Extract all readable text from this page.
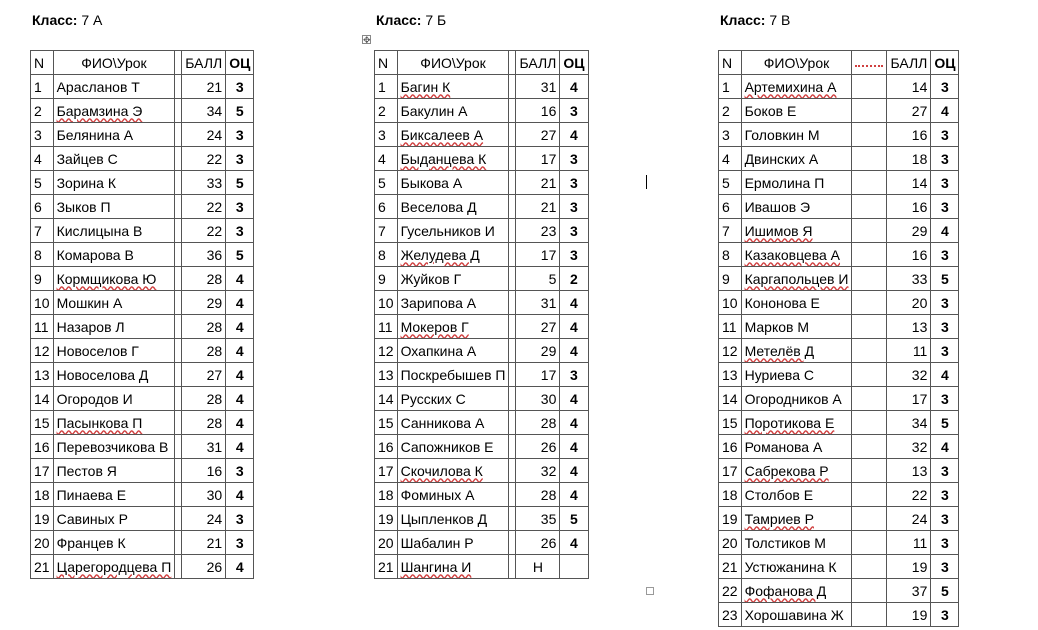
Класс: 7 А
N	ФИО\Урок		БАЛЛ	ОЦ
1	Арасланов Т		21	3
2	Барамзина Э		34	5
3	Белянина А		24	3
4	Зайцев С		22	3
5	Зорина К		33	5
6	Зыков П		22	3
7	Кислицына В		22	3
8	Комарова В		36	5
9	Кормщикова Ю		28	4
10	Мошкин А		29	4
11	Назаров Л		28	4
12	Новоселов Г		28	4
13	Новоселова Д		27	4
14	Огородов И		28	4
15	Пасынкова П		28	4
16	Перевозчикова В		31	4
17	Пестов Я		16	3
18	Пинаева Е		30	4
19	Савиных Р		24	3
20	Францев К		21	3
21	Царегородцева П		26	4
Класс: 7 Б
✥
N	ФИО\Урок		БАЛЛ	ОЦ
1	Багин К		31	4
2	Бакулин А		16	3
3	Биксалеев А		27	4
4	Быданцева К		17	3
5	Быкова А		21	3
6	Веселова Д		21	3
7	Гусельников И		23	3
8	Желудева Д		17	3
9	Жуйков Г		5	2
10	Зарипова А		31	4
11	Мокеров Г		27	4
12	Охапкина А		29	4
13	Поскребышев П		17	3
14	Русских С		30	4
15	Санникова А		28	4
16	Сапожников Е		26	4
17	Скочилова К		32	4
18	Фоминых А		28	4
19	Цыпленков Д		35	5
20	Шабалин Р		26	4
21	Шангина И		Н	
Класс: 7 В
N	ФИО\Урок		БАЛЛ	ОЦ
1	Артемихина А		14	3
2	Боков Е		27	4
3	Головкин М		16	3
4	Двинских А		18	3
5	Ермолина П		14	3
6	Ивашов Э		16	3
7	Ишимов Я		29	4
8	Казаковцева А		16	3
9	Каргапольцев И		33	5
10	Кононова Е		20	3
11	Марков М		13	3
12	Метелёв Д		11	3
13	Нуриева С		32	4
14	Огородников А		17	3
15	Поротикова Е		34	5
16	Романова А		32	4
17	Сабрекова Р		13	3
18	Столбов Е		22	3
19	Тамриев Р		24	3
20	Толстиков М		11	3
21	Устюжанина К		19	3
22	Фофанова Д		37	5
23	Хорошавина Ж		19	3
